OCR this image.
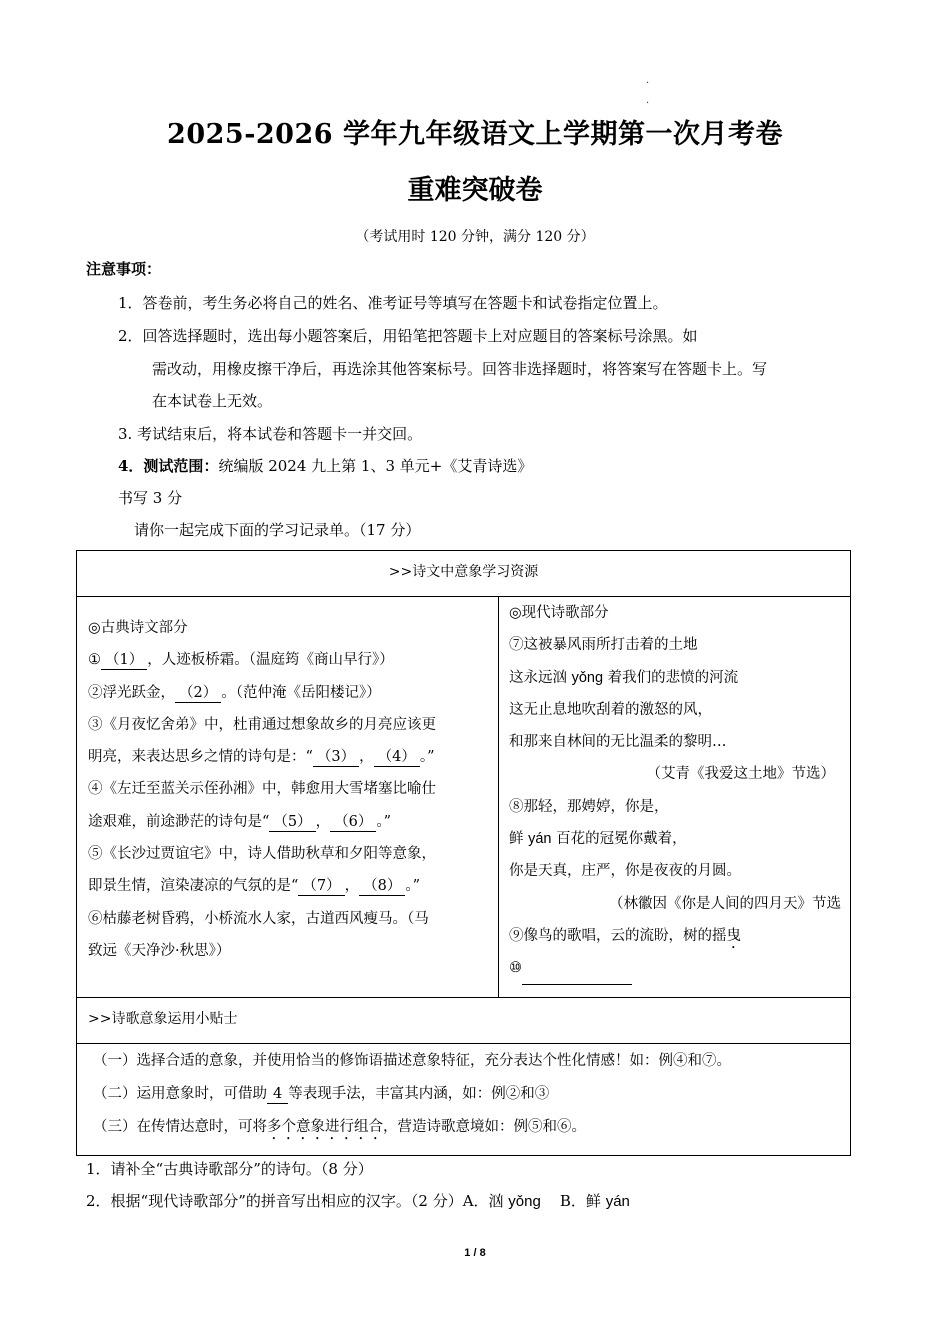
·
·
2025-2026 学年九年级语文上学期第一次月考卷
重难突破卷
（考试用时 120 分钟，满分 120 分）
注意事项：
1．答卷前，考生务必将自己的姓名、准考证号等填写在答题卡和试卷指定位置上。
2．回答选择题时，选出每小题答案后，用铅笔把答题卡上对应题目的答案标号涂黑。如
需改动，用橡皮擦干净后，再选涂其他答案标号。回答非选择题时，将答案写在答题卡上。写
在本试卷上无效。
3. 考试结束后，将本试卷和答题卡一并交回。
4．测试范围：统编版 2024 九上第 1、3 单元+《艾青诗选》
书写 3 分
请你一起完成下面的学习记录单。（17 分）
>>诗文中意象学习资源
◎古典诗文部分
① （1） ，人迹板桥霜。（温庭筠《商山早行》）
②浮光跃金， （2） 。（范仲淹《岳阳楼记》）
③《月夜忆舍弟》中，杜甫通过想象故乡的月亮应该更
明亮，来表达思乡之情的诗句是：“ （3） ， （4） 。”
④《左迁至蓝关示侄孙湘》中，韩愈用大雪堵塞比喻仕
途艰难，前途渺茫的诗句是“ （5） ， （6） 。”
⑤《长沙过贾谊宅》中，诗人借助秋草和夕阳等意象，
即景生情，渲染凄凉的气氛的是“ （7） ， （8） 。”
⑥枯藤老树昏鸦，小桥流水人家，古道西风瘦马。（马
致远《天净沙·秋思》）
◎现代诗歌部分
⑦这被暴风雨所打击着的土地
这永远汹 yǒng 着我们的悲愤的河流
这无止息地吹刮着的激怒的风，
和那来自林间的无比温柔的黎明…
（艾青《我爱这土地》节选）
⑧那轻，那娉婷，你是，
鲜 yán 百花的冠冕你戴着，
你是天真，庄严，你是夜夜的月圆。
（林徽因《你是人间的四月天》节选
⑨像鸟的歌唱，云的流盼，树的摇曳
⑩
>>诗歌意象运用小贴士
（一）选择合适的意象，并使用恰当的修饰语描述意象特征，充分表达个性化情感！如：例④和⑦。
（二）运用意象时，可借助 4 等表现手法，丰富其内涵，如：例②和③
（三）在传情达意时，可将多个意象进行组合，营造诗歌意境如：例⑤和⑥。
1．请补全“古典诗歌部分”的诗句。（8 分）
2．根据“现代诗歌部分”的拼音写出相应的汉字。（2 分）A．汹 yǒng    B．鲜 yán
1 / 8
